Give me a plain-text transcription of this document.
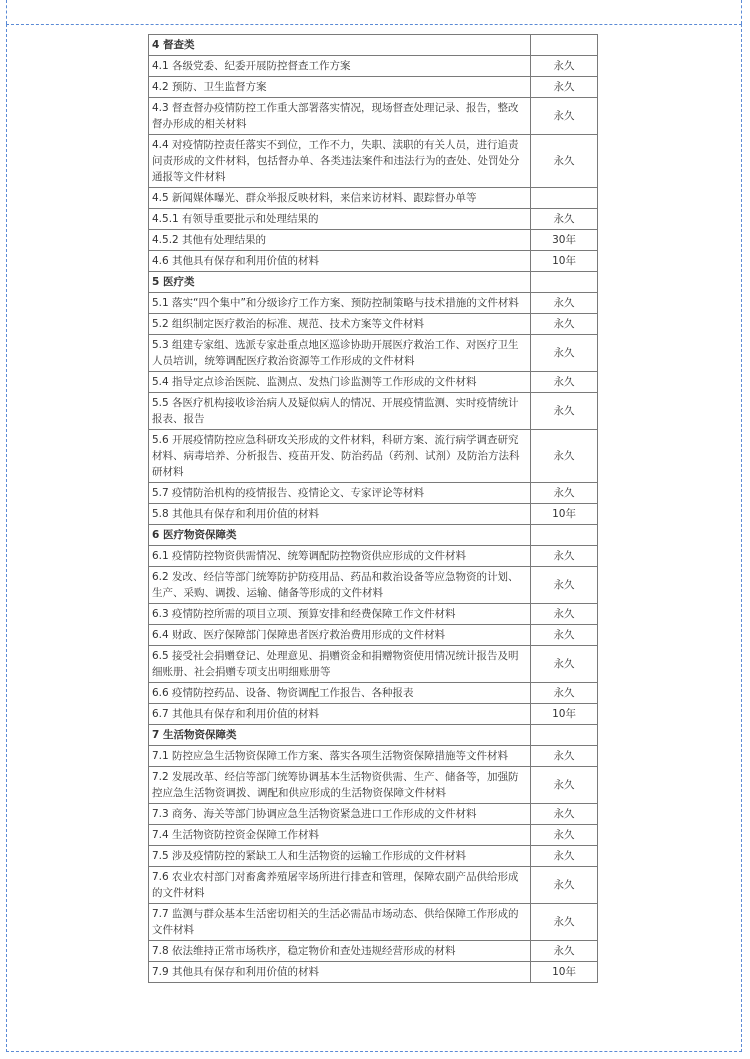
4 督查类	
4.1 各级党委、纪委开展防控督查工作方案	永久
4.2 预防、卫生监督方案	永久
4.3 督查督办疫情防控工作重大部署落实情况，现场督查处理记录、报告，整改督办形成的相关材料	永久
4.4 对疫情防控责任落实不到位，工作不力，失职、渎职的有关人员，进行追责问责形成的文件材料，包括督办单、各类违法案件和违法行为的查处、处罚处分通报等文件材料	永久
4.5 新闻媒体曝光、群众举报反映材料，来信来访材料、跟踪督办单等	
4.5.1 有领导重要批示和处理结果的	永久
4.5.2 其他有处理结果的	30年
4.6 其他具有保存和利用价值的材料	10年
5 医疗类	
5.1 落实“四个集中”和分级诊疗工作方案、预防控制策略与技术措施的文件材料	永久
5.2 组织制定医疗救治的标准、规范、技术方案等文件材料	永久
5.3 组建专家组、选派专家赴重点地区巡诊协助开展医疗救治工作、对医疗卫生人员培训，统筹调配医疗救治资源等工作形成的文件材料	永久
5.4 指导定点诊治医院、监测点、发热门诊监测等工作形成的文件材料	永久
5.5 各医疗机构接收诊治病人及疑似病人的情况、开展疫情监测、实时疫情统计报表、报告	永久
5.6 开展疫情防控应急科研攻关形成的文件材料，科研方案、流行病学调查研究材料、病毒培养、分析报告、疫苗开发、防治药品（药剂、试剂）及防治方法科研材料	永久
5.7 疫情防治机构的疫情报告、疫情论文、专家评论等材料	永久
5.8 其他具有保存和利用价值的材料	10年
6 医疗物资保障类	
6.1 疫情防控物资供需情况、统筹调配防控物资供应形成的文件材料	永久
6.2 发改、经信等部门统筹防护防疫用品、药品和救治设备等应急物资的计划、生产、采购、调拨、运输、储备等形成的文件材料	永久
6.3 疫情防控所需的项目立项、预算安排和经费保障工作文件材料	永久
6.4 财政、医疗保障部门保障患者医疗救治费用形成的文件材料	永久
6.5 接受社会捐赠登记、处理意见、捐赠资金和捐赠物资使用情况统计报告及明细账册、社会捐赠专项支出明细账册等	永久
6.6 疫情防控药品、设备、物资调配工作报告、各种报表	永久
6.7 其他具有保存和利用价值的材料	10年
7 生活物资保障类	
7.1 防控应急生活物资保障工作方案、落实各项生活物资保障措施等文件材料	永久
7.2 发展改革、经信等部门统筹协调基本生活物资供需、生产、储备等，加强防控应急生活物资调拨、调配和供应形成的生活物资保障文件材料	永久
7.3 商务、海关等部门协调应急生活物资紧急进口工作形成的文件材料	永久
7.4 生活物资防控资金保障工作材料	永久
7.5 涉及疫情防控的紧缺工人和生活物资的运输工作形成的文件材料	永久
7.6 农业农村部门对畜禽养殖屠宰场所进行排查和管理，保障农副产品供给形成的文件材料	永久
7.7 监测与群众基本生活密切相关的生活必需品市场动态、供给保障工作形成的文件材料	永久
7.8 依法维持正常市场秩序，稳定物价和查处违规经营形成的材料	永久
7.9 其他具有保存和利用价值的材料	10年
